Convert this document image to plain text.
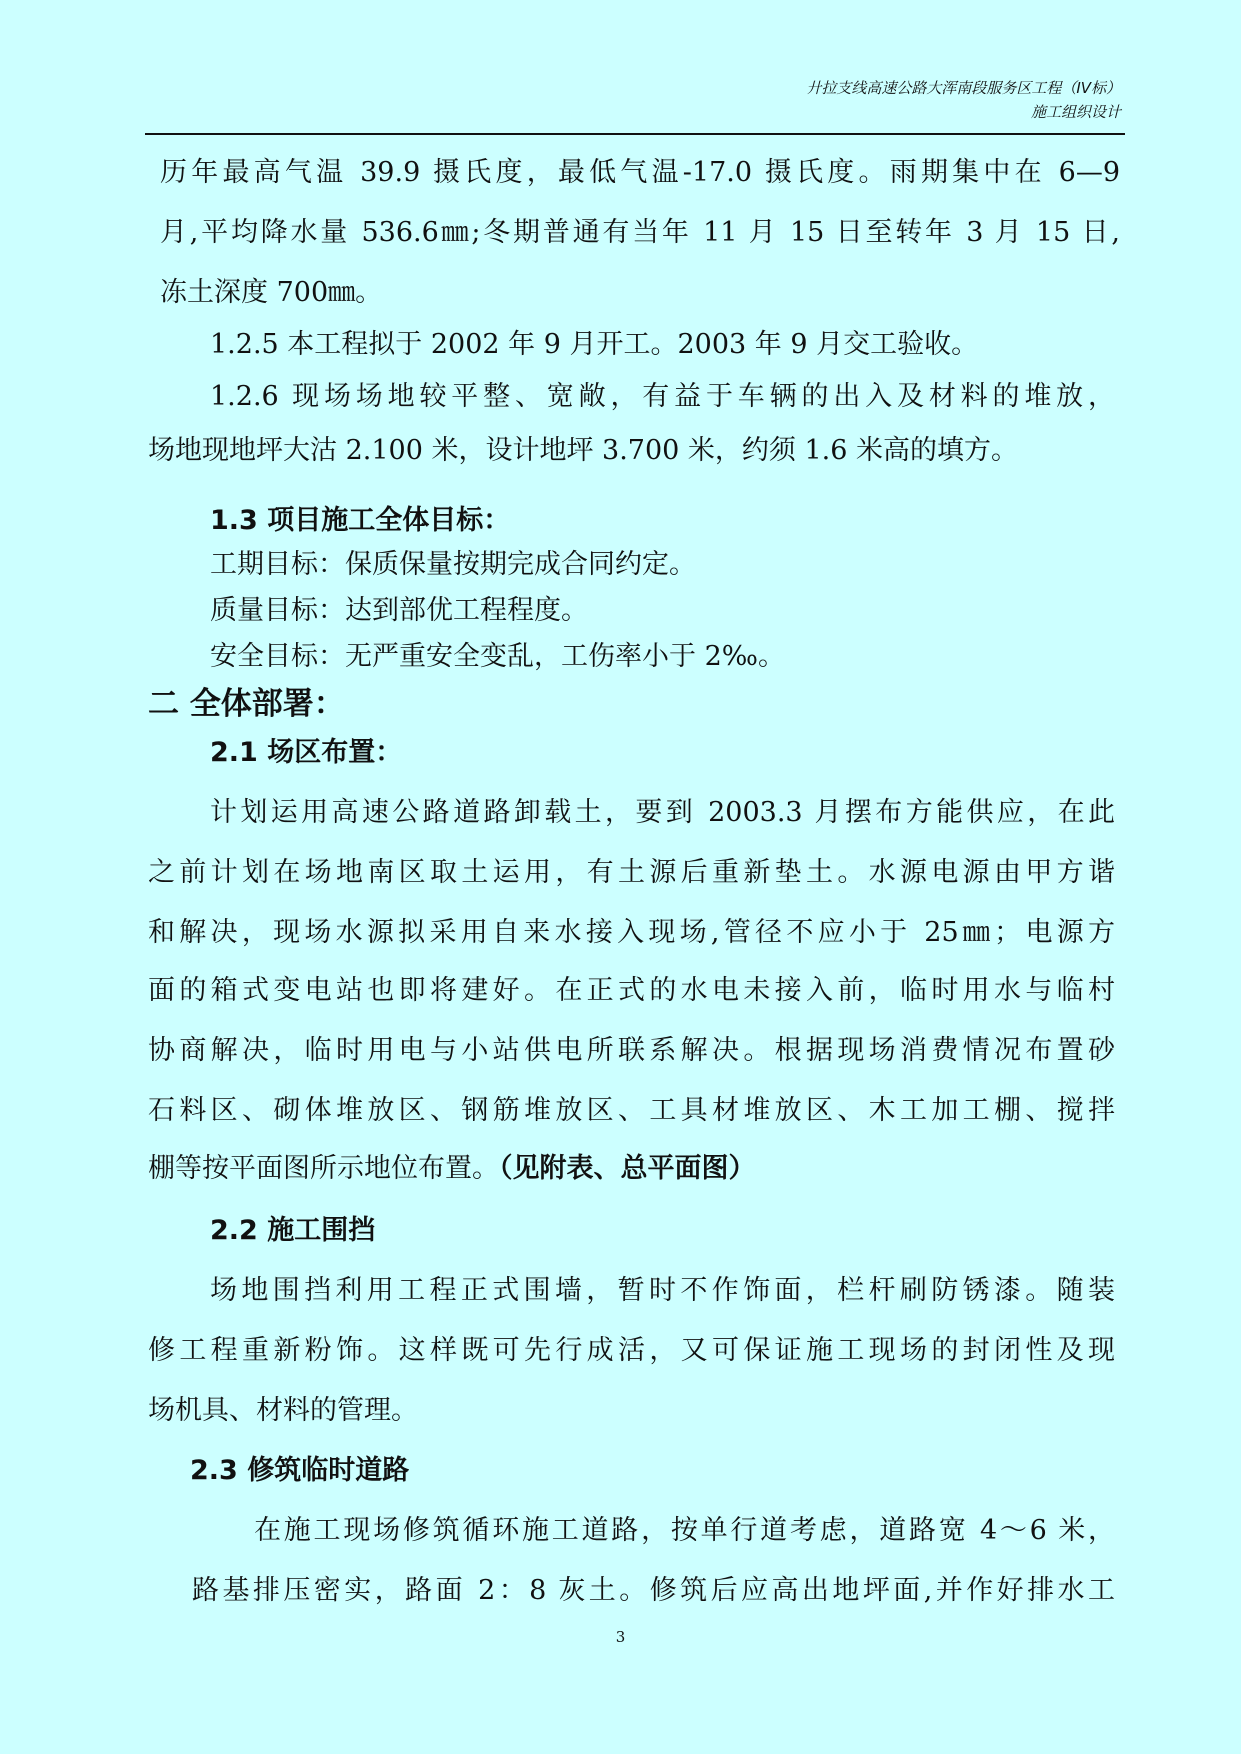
廾拉支线高速公路大浑南段服务区工程（IV标）
施工组织设计
历年最高气温 39.9 摄氏度，最低气温-17.0 摄氏度。雨期集中在 6—9
月,平均降水量 536.6㎜;冬期普通有当年 11 月 15 日至转年 3 月 15 日,
冻土深度 700㎜。
1.2.5 本工程拟于 2002 年 9 月开工。2003 年 9 月交工验收。
1.2.6 现场场地较平整、宽敞，有益于车辆的出入及材料的堆放，
场地现地坪大沽 2.100 米，设计地坪 3.700 米，约须 1.6 米高的填方。
1.3 项目施工全体目标：
工期目标：保质保量按期完成合同约定。
质量目标：达到部优工程程度。
安全目标：无严重安全变乱，工伤率小于 2‰。
二 全体部署：
2.1 场区布置：
计划运用高速公路道路卸载土，要到 2003.3 月摆布方能供应，在此
之前计划在场地南区取土运用，有土源后重新垫土。水源电源由甲方谐
和解决，现场水源拟采用自来水接入现场,管径不应小于 25㎜；电源方
面的箱式变电站也即将建好。在正式的水电未接入前，临时用水与临村
协商解决，临时用电与小站供电所联系解决。根据现场消费情况布置砂
石料区、砌体堆放区、钢筋堆放区、工具材堆放区、木工加工棚、搅拌
棚等按平面图所示地位布置。（见附表、总平面图）
2.2 施工围挡
场地围挡利用工程正式围墙，暂时不作饰面，栏杆刷防锈漆。随装
修工程重新粉饰。这样既可先行成活，又可保证施工现场的封闭性及现
场机具、材料的管理。
2.3 修筑临时道路
在施工现场修筑循环施工道路，按单行道考虑，道路宽 4～6 米，
路基排压密实，路面 2：8 灰土。修筑后应高出地坪面,并作好排水工
3
